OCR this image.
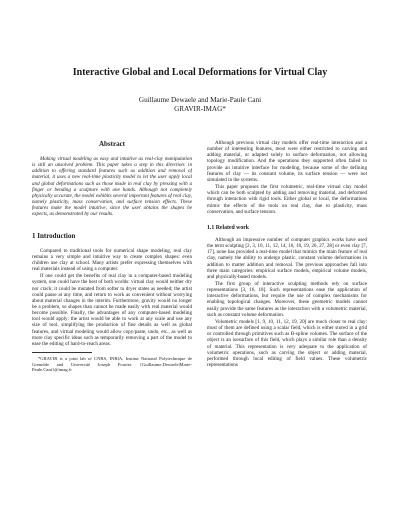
Interactive Global and Local Deformations for Virtual Clay
Guillaume Dewaele and Marie-Paule Cani
GRAVIR-IMAG*
Abstract

Making virtual modeling as easy and intuitive as real-clay manipulation is still an unsolved problem. This paper takes a step in this direction: in addition to offering standard features such as addition and removal of material, it uses a new real-time plasticity model to let the user apply local and global deformations such as those made in real clay by pressing with a finger or bending a sculpture with one hands. Although not completely physically accurate, the model exhibits several important features of real clay, namely plasticity, mass conservation, and surface tension effects. These features make the model intuitive, since the user obtains the shapes he expects, as demonstrated by our results.

1 Introduction

Compared to traditional tools for numerical shape modeling, real clay remains a very simple and intuitive way to create complex shapes: even children use clay at school. Many artists prefer expressing themselves with real materials instead of using a computer.

If one could get the benefits of real clay in a computer-based modeling system, one could have the best of both worlds: virtual clay would neither dry nor crack; it could be mutated from softer to dryer states as needed; the artist could pause at any time, and return to work as convenient without worrying about material changes in the interim. Furthermore, gravity would no longer be a problem, so shapes than cannot be made easily with real material would become possible. Finally, the advantages of any computer-based modeling tool would apply: the artist would be able to work at any scale and use any size of tool, simplifying the production of fine details as well as global features, and virtual modeling would allow copy/paste, undo, etc., as well as more clay specific ideas such as temporarily removing a part of the model to ease the editing of hard-to-reach areas.

*GRAVIR is a joint lab of CNRS, INRIA, Institut National Polytechnique de Grenoble and Université Joseph Fourier. {Guillaume.Dewaele|Marie-Paule.Cani}@imag.fr

Although previous virtual clay models offer real-time interaction and a number of interesting features, most were either restricted to carving and adding material, or adapted solely to surface deformation, not allowing topology modification. And the operations they supported often failed to provide an intuitive interface for modeling, because some of the defining features of clay — its constant volume, its surface tension — were not simulated in the systems.

This paper proposes the first volumetric, real-time virtual clay model which can be both sculpted by adding and removing material, and deformed through interaction with rigid tools. Either global or local, the deformations mimic the effects of the tools on real clay, due to plasticity, mass conservation, and surface tension.

1.1 Related work

Although an impressive number of computer graphics works have used the term sculpting [2, 3, 10, 11, 12, 14, 16, 18, 19, 20, 27, 28] or even clay [7, 17], none has provided a real-time model that mimics the main feature of real clay, namely the ability to undergo plastic, constant volume deformations in addition to matter addition and removal. The previous approaches fall into three main categories: empirical surface models, empirical volume models, and physically-based models.

The first group of interactive sculpting methods rely on surface representations [3, 16, 18]. Such representations ease the application of interactive deformations, but require the use of complex mechanisms for enabling topological changes. Moreover, these geometric models cannot easily provide the same features as the interaction with a volumetric material, such as constant volume deformation.

Volumetric models [1, 9, 10, 11, 12, 19, 20] are much closer to real clay: most of them are defined using a scalar field, which is either stored in a grid or controlled through primitives such as B-spline volumes. The surface of the object is an isosurface of this field, which plays a similar role than a density of material. This representation is very adequate to the application of volumetric operations, such as carving the object or adding material, performed through local editing of field values. These volumetric representations
